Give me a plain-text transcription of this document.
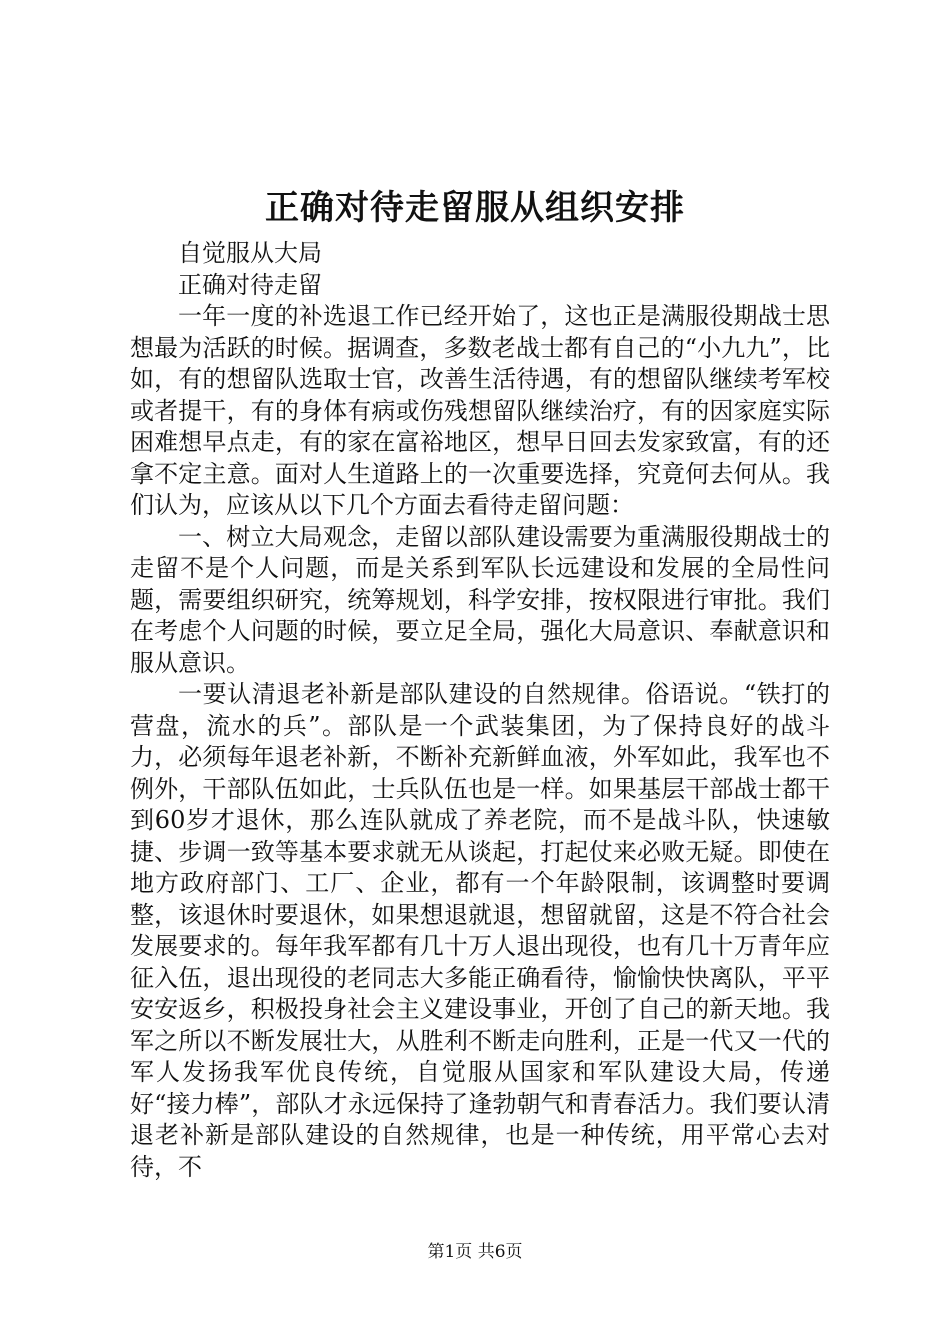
正确对待走留服从组织安排

自觉服从大局

正确对待走留

一年一度的补选退工作已经开始了，这也正是满服役期战士思想最为活跃的时候。据调查，多数老战士都有自己的“小九九”，比如，有的想留队选取士官，改善生活待遇，有的想留队继续考军校或者提干，有的身体有病或伤残想留队继续治疗，有的因家庭实际困难想早点走，有的家在富裕地区，想早日回去发家致富，有的还拿不定主意。面对人生道路上的一次重要选择，究竟何去何从。我们认为，应该从以下几个方面去看待走留问题：

一、树立大局观念，走留以部队建设需要为重满服役期战士的走留不是个人问题，而是关系到军队长远建设和发展的全局性问题，需要组织研究，统筹规划，科学安排，按权限进行审批。我们在考虑个人问题的时候，要立足全局，强化大局意识、奉献意识和服从意识。

一要认清退老补新是部队建设的自然规律。俗语说。“铁打的营盘，流水的兵”。部队是一个武装集团，为了保持良好的战斗力，必须每年退老补新，不断补充新鲜血液，外军如此，我军也不例外，干部队伍如此，士兵队伍也是一样。如果基层干部战士都干到60岁才退休，那么连队就成了养老院，而不是战斗队，快速敏捷、步调一致等基本要求就无从谈起，打起仗来必败无疑。即使在地方政府部门、工厂、企业，都有一个年龄限制，该调整时要调整，该退休时要退休，如果想退就退，想留就留，这是不符合社会发展要求的。每年我军都有几十万人退出现役，也有几十万青年应征入伍，退出现役的老同志大多能正确看待，愉愉快快离队，平平安安返乡，积极投身社会主义建设事业，开创了自己的新天地。我军之所以不断发展壮大，从胜利不断走向胜利，正是一代又一代的军人发扬我军优良传统，自觉服从国家和军队建设大局，传递好“接力棒”，部队才永远保持了逢勃朝气和青春活力。我们要认清退老补新是部队建设的自然规律，也是一种传统，用平常心去对待，不

第1页 共6页
